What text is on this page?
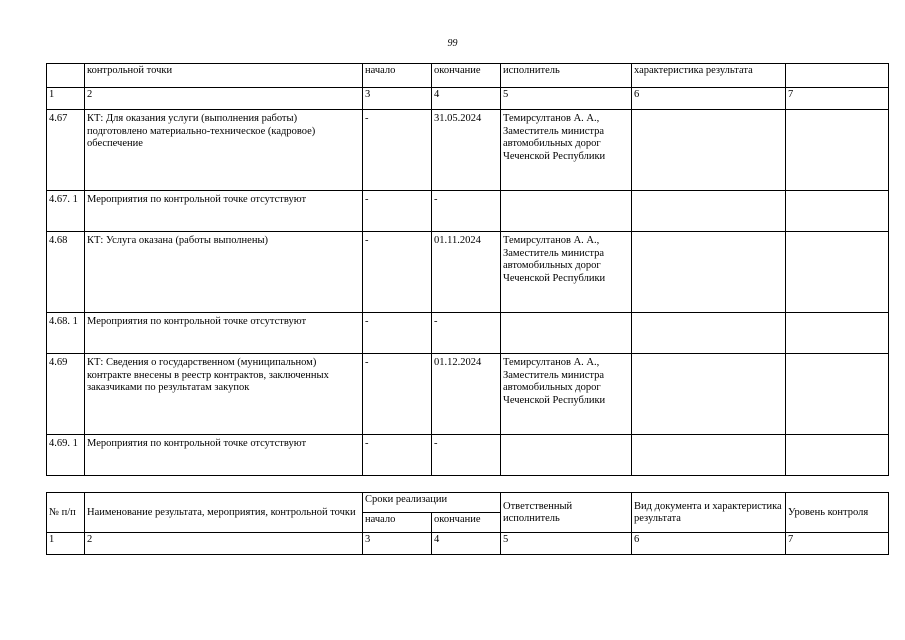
99
	контрольной точки	начало	окончание	исполнитель	характеристика результата	
1	2	3	4	5	6	7
4.67	КТ: Для оказания услуги (выполнения работы) подготовлено материально-техническое (кадровое) обеспечение	-	31.05.2024	Темирсултанов А. А., Заместитель министра автомобильных дорог Чеченской Республики		
4.67. 1	Мероприятия по контрольной точке отсутствуют	-	-			
4.68	КТ: Услуга оказана (работы выполнены)	-	01.11.2024	Темирсултанов А. А., Заместитель министра автомобильных дорог Чеченской Республики		
4.68. 1	Мероприятия по контрольной точке отсутствуют	-	-			
4.69	КТ: Сведения о государственном (муниципальном) контракте внесены в реестр контрактов, заключенных заказчиками по результатам закупок	-	01.12.2024	Темирсултанов А. А., Заместитель министра автомобильных дорог Чеченской Республики		
4.69. 1	Мероприятия по контрольной точке отсутствуют	-	-			
№ п/п	Наименование результата, мероприятия, контрольной точки	Сроки реализации		Ответственный исполнитель	Вид документа и характеристика результата	Уровень контроля
		начало	окончание			
1	2	3	4	5	6	7
